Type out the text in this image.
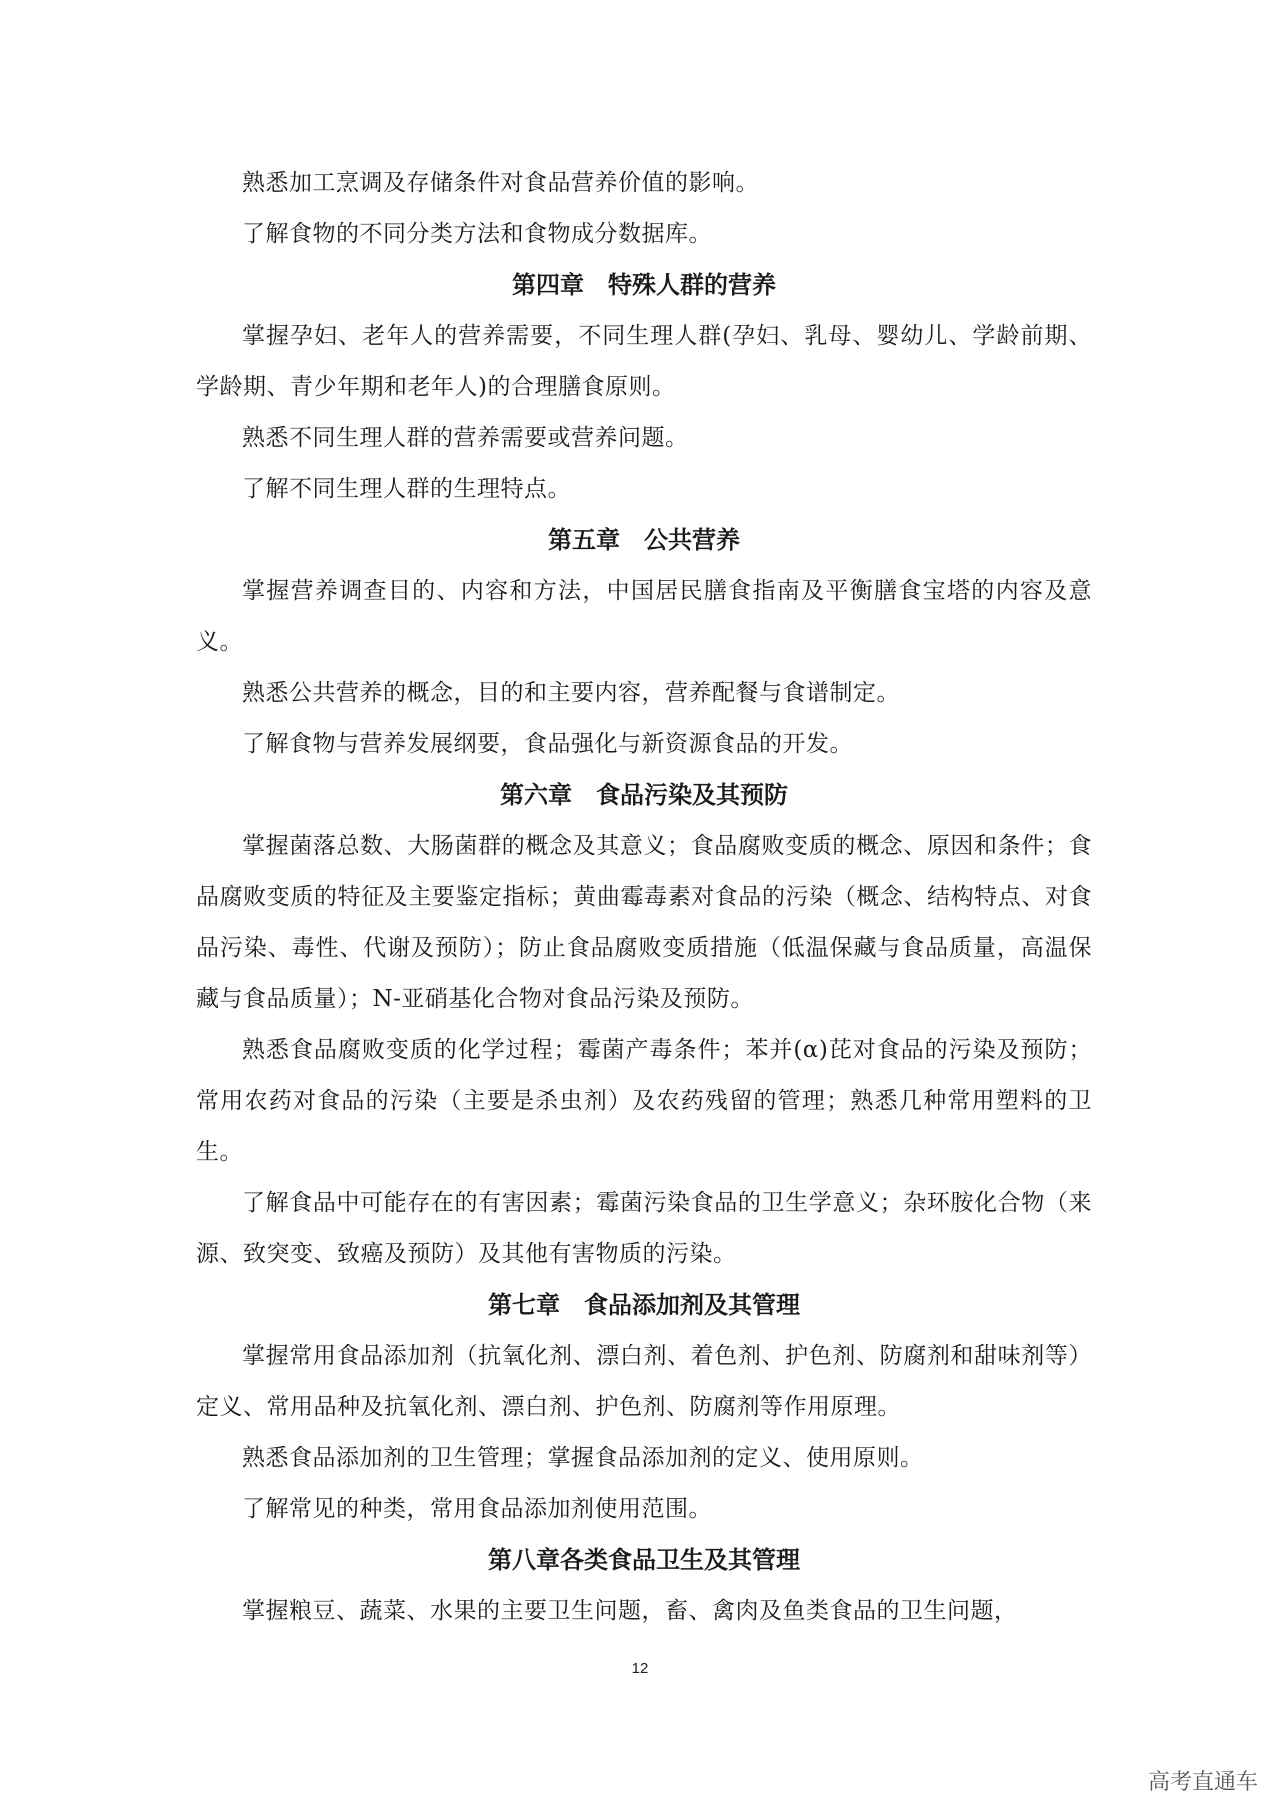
熟悉加工烹调及存储条件对食品营养价值的影响。

了解食物的不同分类方法和食物成分数据库。

第四章　特殊人群的营养

掌握孕妇、老年人的营养需要，不同生理人群(孕妇、乳母、婴幼儿、学龄前期、学龄期、青少年期和老年人)的合理膳食原则。

熟悉不同生理人群的营养需要或营养问题。

了解不同生理人群的生理特点。

第五章　公共营养

掌握营养调查目的、内容和方法，中国居民膳食指南及平衡膳食宝塔的内容及意义。

熟悉公共营养的概念，目的和主要内容，营养配餐与食谱制定。

了解食物与营养发展纲要，食品强化与新资源食品的开发。

第六章　食品污染及其预防

掌握菌落总数、大肠菌群的概念及其意义；食品腐败变质的概念、原因和条件；食品腐败变质的特征及主要鉴定指标；黄曲霉毒素对食品的污染（概念、结构特点、对食品污染、毒性、代谢及预防）；防止食品腐败变质措施（低温保藏与食品质量，高温保藏与食品质量）；N-亚硝基化合物对食品污染及预防。

熟悉食品腐败变质的化学过程；霉菌产毒条件；苯并(α)芘对食品的污染及预防；常用农药对食品的污染（主要是杀虫剂）及农药残留的管理；熟悉几种常用塑料的卫生。

了解食品中可能存在的有害因素；霉菌污染食品的卫生学意义；杂环胺化合物（来源、致突变、致癌及预防）及其他有害物质的污染。

第七章　食品添加剂及其管理

掌握常用食品添加剂（抗氧化剂、漂白剂、着色剂、护色剂、防腐剂和甜味剂等）定义、常用品种及抗氧化剂、漂白剂、护色剂、防腐剂等作用原理。

熟悉食品添加剂的卫生管理；掌握食品添加剂的定义、使用原则。

了解常见的种类，常用食品添加剂使用范围。

第八章各类食品卫生及其管理

掌握粮豆、蔬菜、水果的主要卫生问题，畜、禽肉及鱼类食品的卫生问题，

12
高考直通车
